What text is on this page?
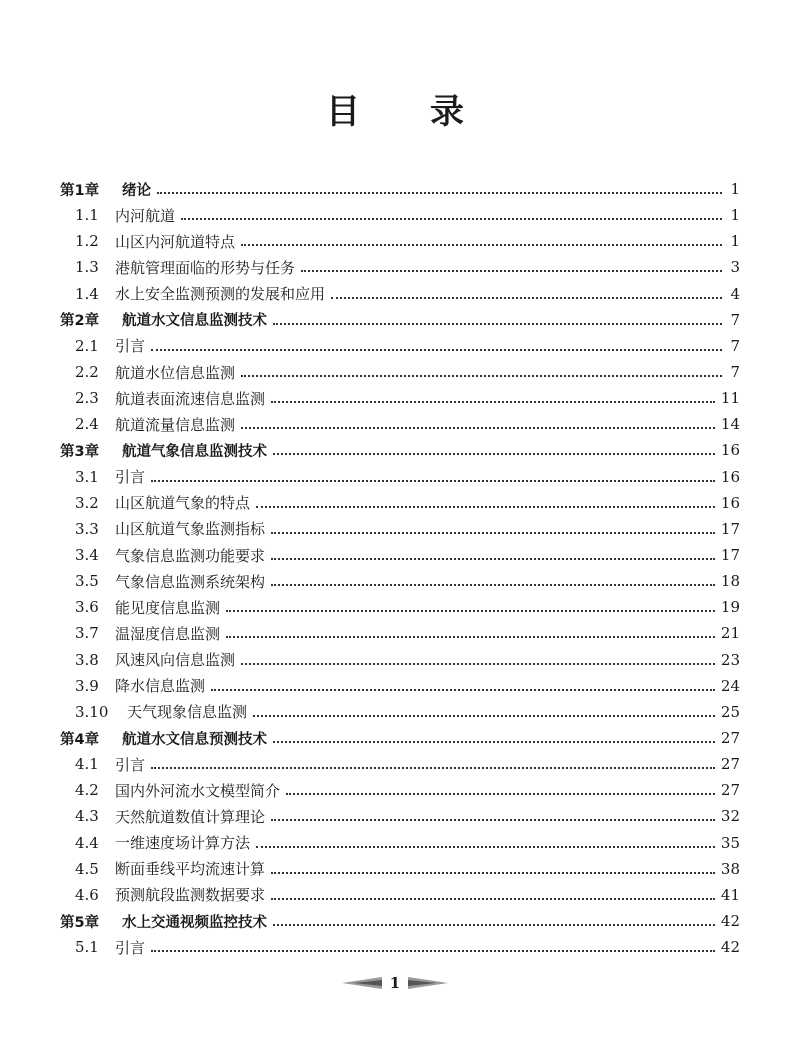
目 录
第1章	绪论	1
1.1	内河航道	1
1.2	山区内河航道特点	1
1.3	港航管理面临的形势与任务	3
1.4	水上安全监测预测的发展和应用	4
第2章	航道水文信息监测技术	7
2.1	引言	7
2.2	航道水位信息监测	7
2.3	航道表面流速信息监测	11
2.4	航道流量信息监测	14
第3章	航道气象信息监测技术	16
3.1	引言	16
3.2	山区航道气象的特点	16
3.3	山区航道气象监测指标	17
3.4	气象信息监测功能要求	17
3.5	气象信息监测系统架构	18
3.6	能见度信息监测	19
3.7	温湿度信息监测	21
3.8	风速风向信息监测	23
3.9	降水信息监测	24
3.10	天气现象信息监测	25
第4章	航道水文信息预测技术	27
4.1	引言	27
4.2	国内外河流水文模型简介	27
4.3	天然航道数值计算理论	32
4.4	一维速度场计算方法	35
4.5	断面垂线平均流速计算	38
4.6	预测航段监测数据要求	41
第5章	水上交通视频监控技术	42
5.1	引言	42
1
